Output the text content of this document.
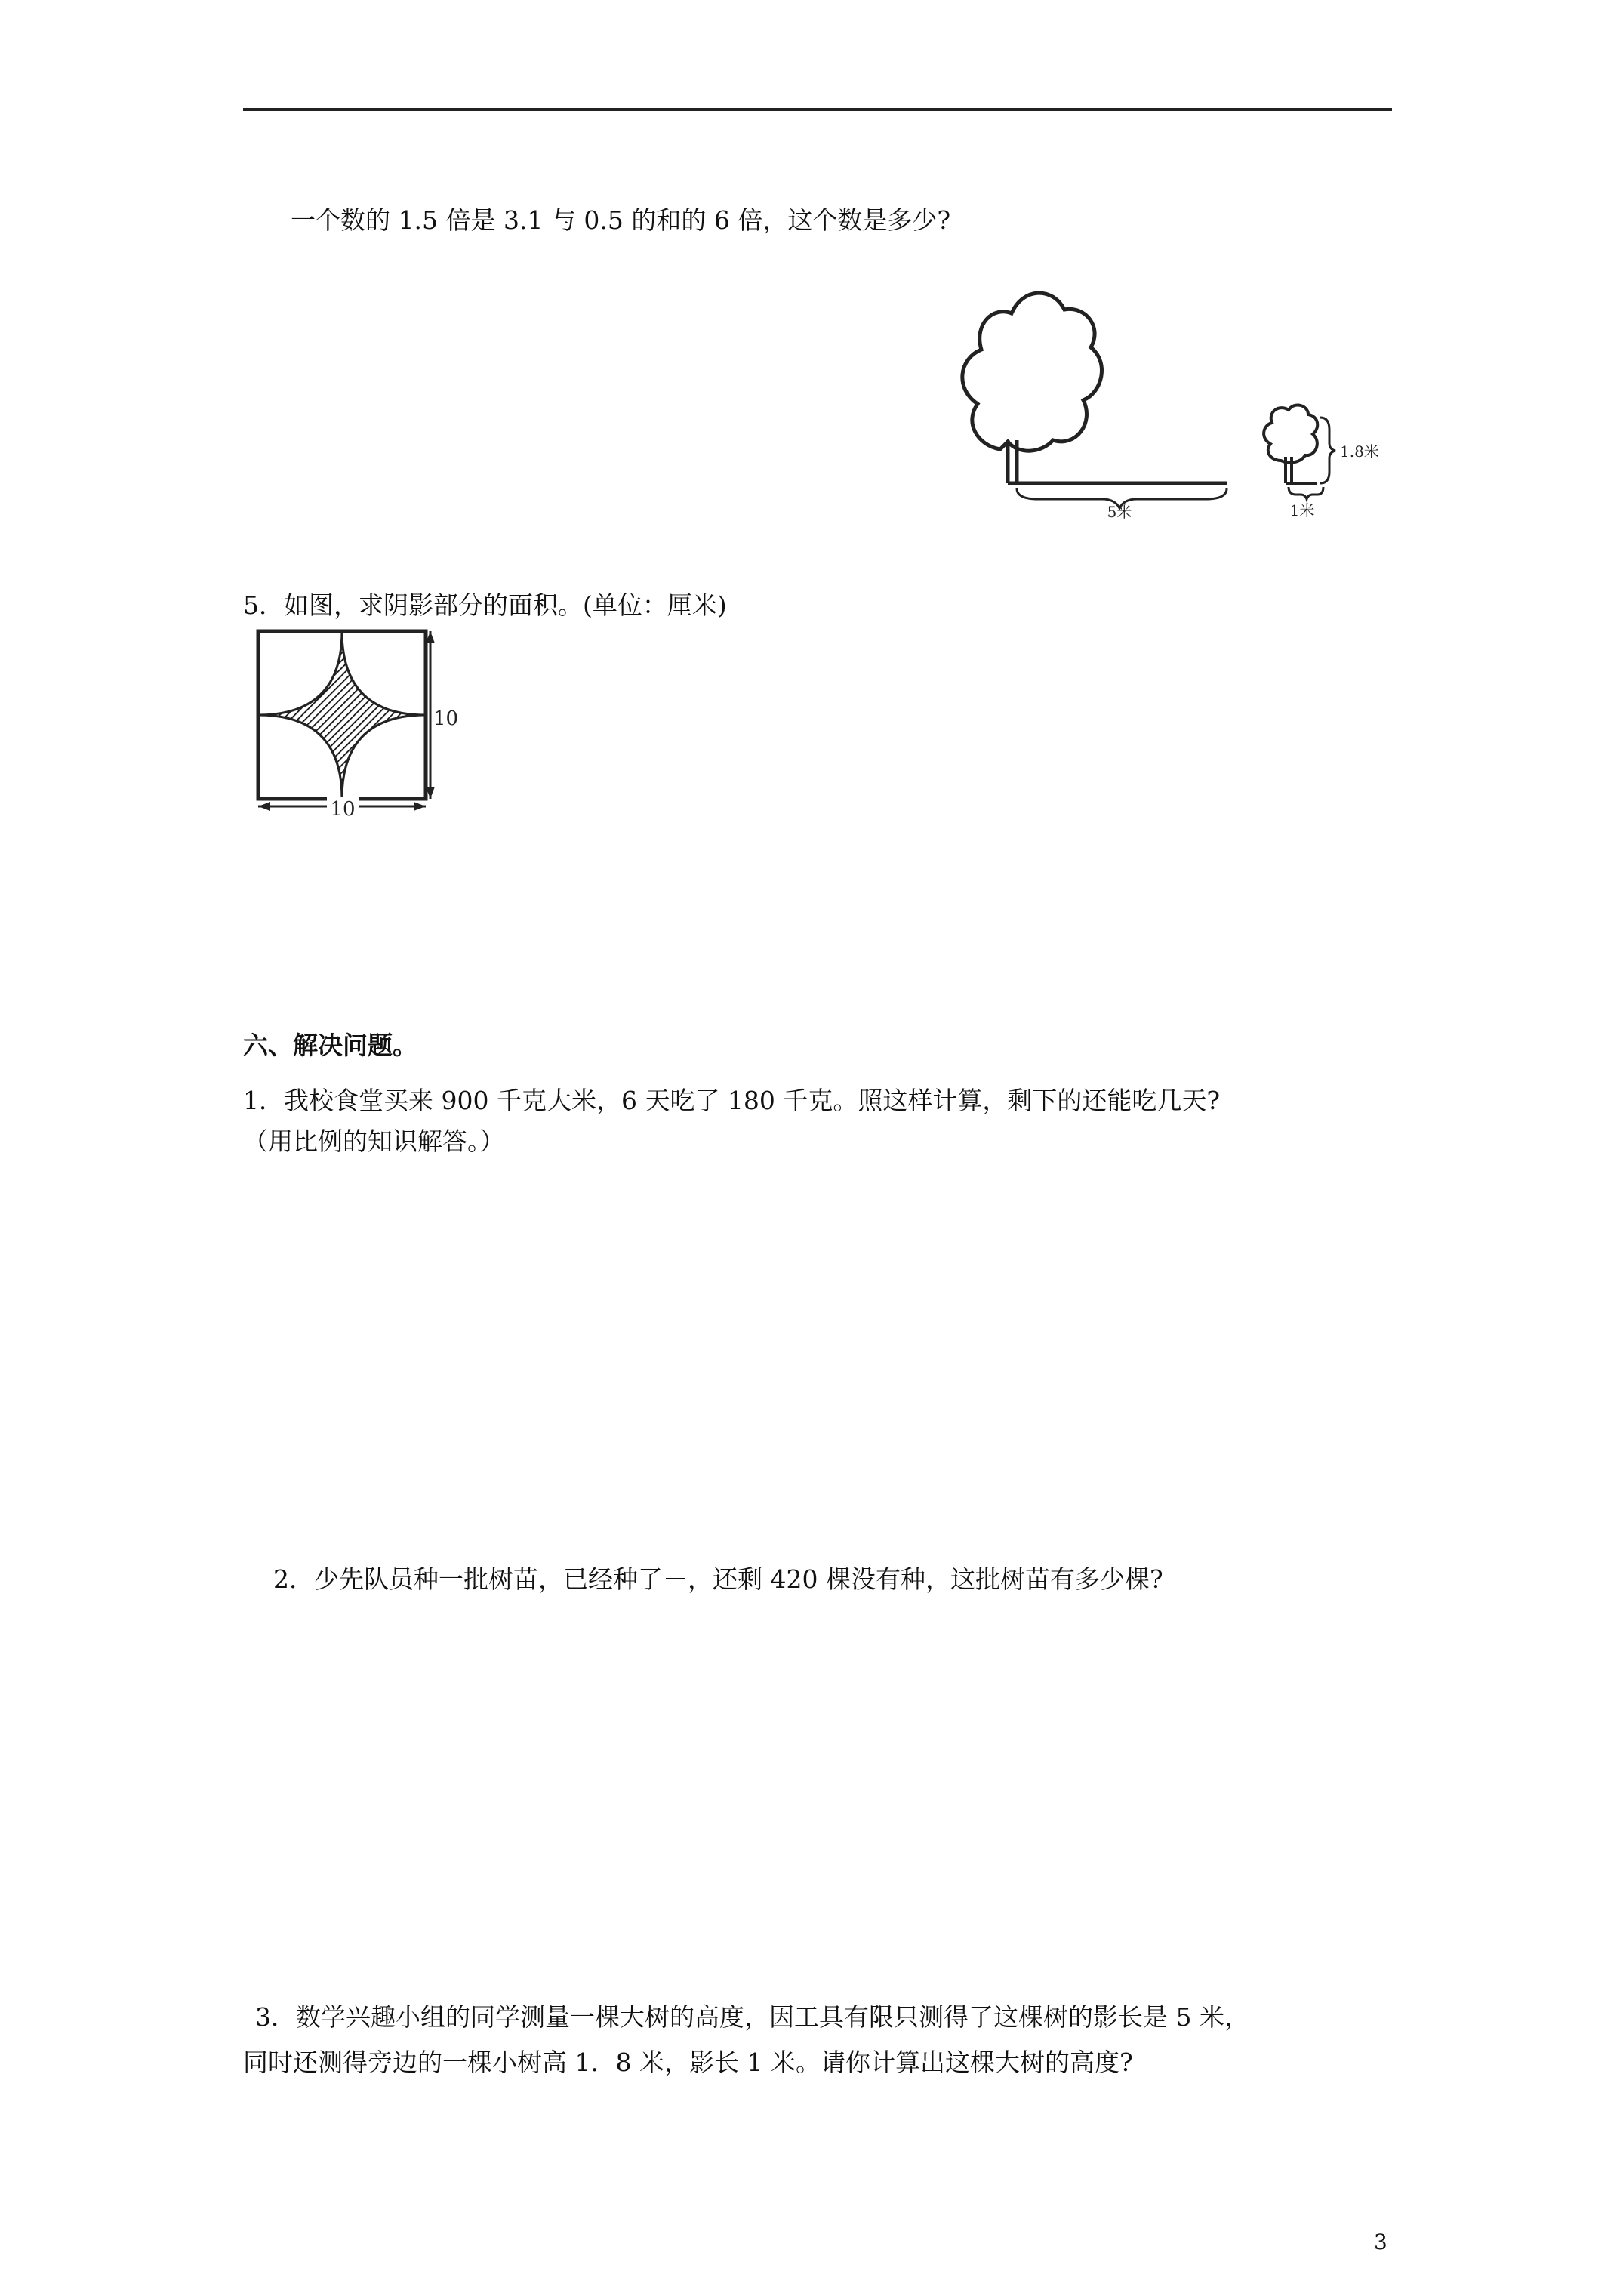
一个数的 1.5 倍是 3.1 与 0.5 的和的 6 倍，这个数是多少?
5米
1.8米
1米
5．如图，求阴影部分的面积。(单位：厘米)
10
10
六、解决问题。
1．我校食堂买来 900 千克大米，6 天吃了 180 千克。照这样计算，剩下的还能吃几天?
（用比例的知识解答。）
2．少先队员种一批树苗，已经种了－，还剩 420 棵没有种，这批树苗有多少棵?
3．数学兴趣小组的同学测量一棵大树的高度，因工具有限只测得了这棵树的影长是 5 米，
同时还测得旁边的一棵小树高 1．8 米，影长 1 米。请你计算出这棵大树的高度?
3
